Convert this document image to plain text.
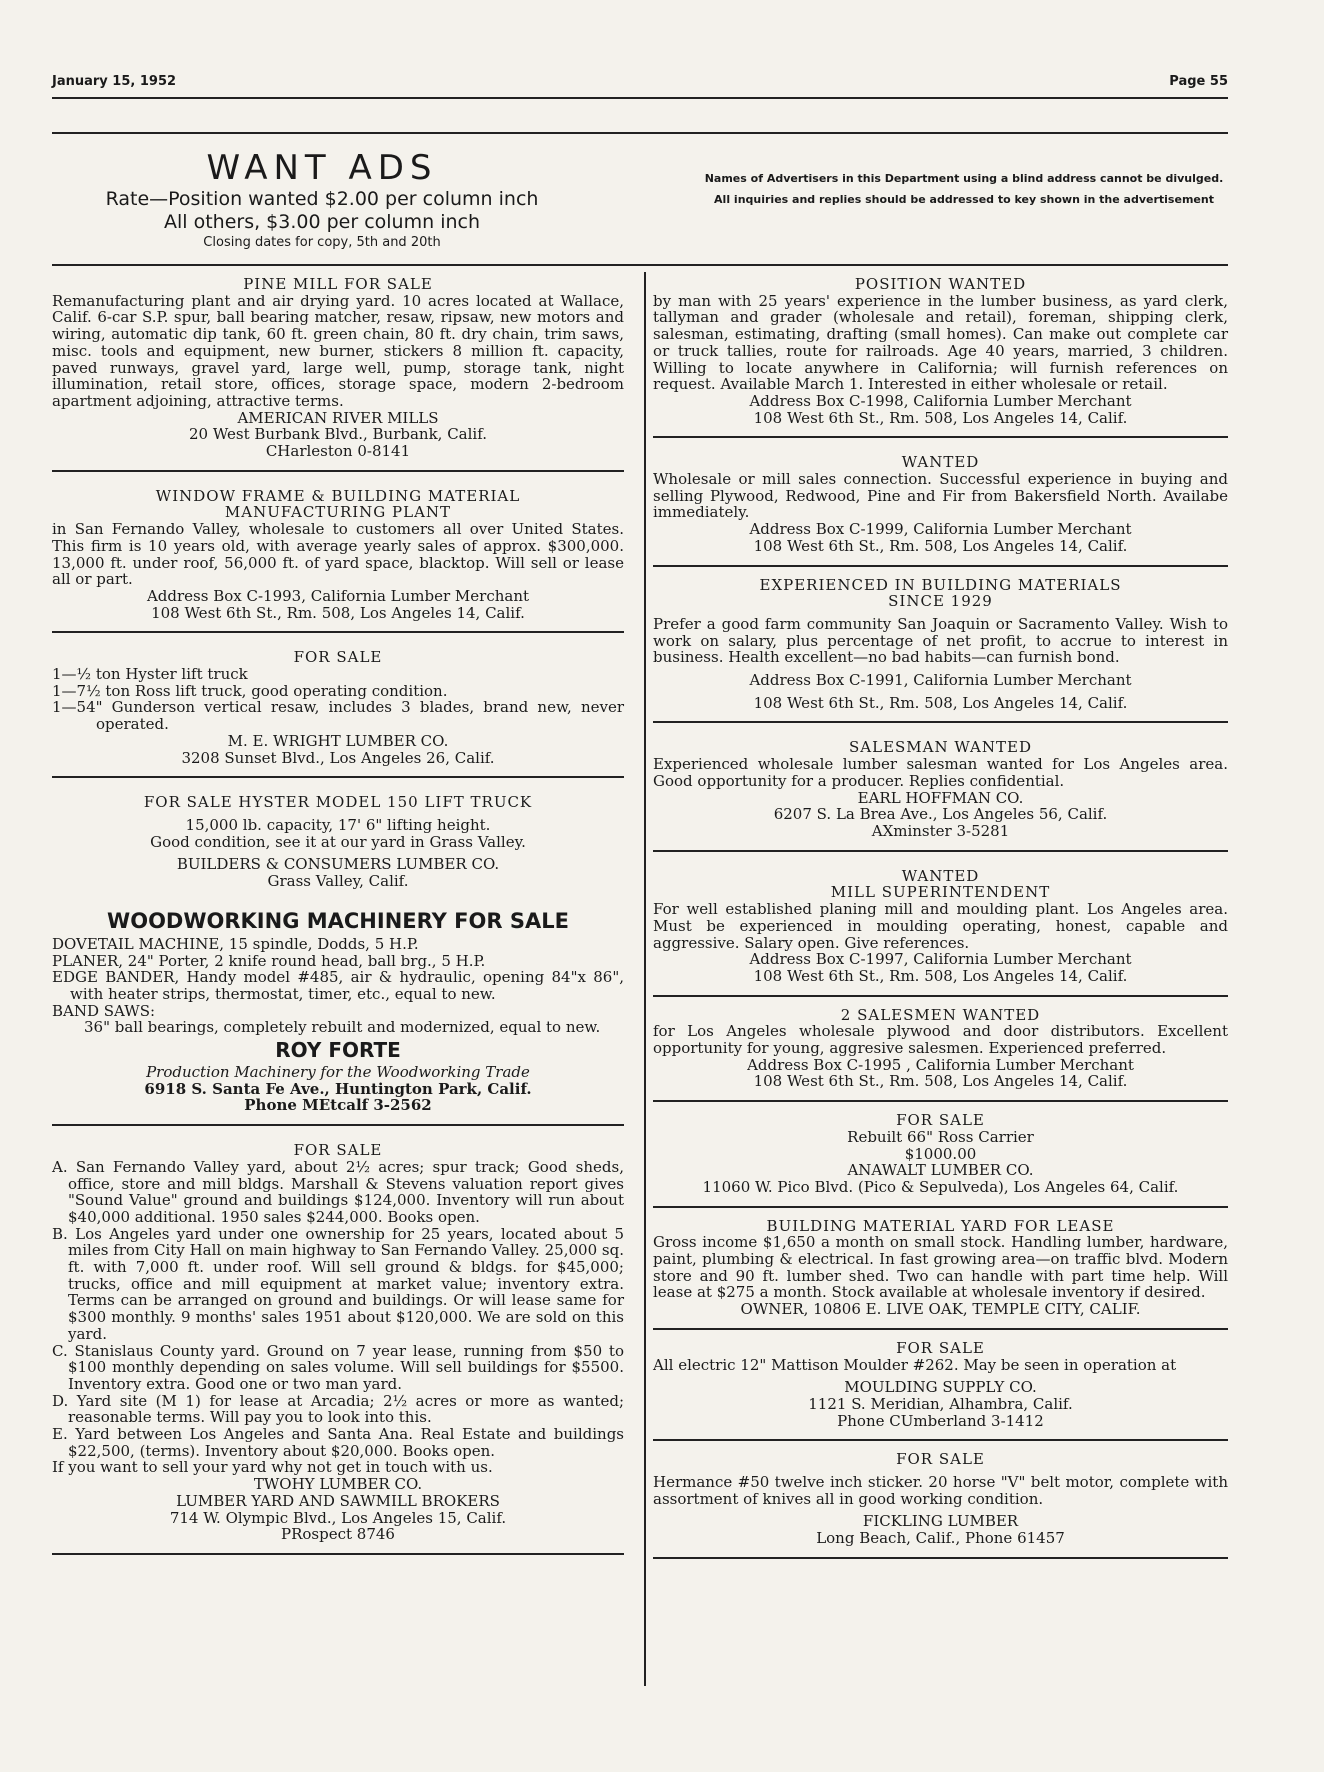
January 15, 1952	Page 55
WANT ADS
Rate—Position wanted $2.00 per column inch
All others, $3.00 per column inch
Closing dates for copy, 5th and 20th
Names of Advertisers in this Department using a blind address cannot be divulged. All inquiries and replies should be addressed to key shown in the advertisement
PINE MILL FOR SALE
Remanufacturing plant and air drying yard. 10 acres located at Wallace, Calif. 6-car S.P. spur, ball bearing matcher, resaw, ripsaw, new motors and wiring, automatic dip tank, 60 ft. green chain, 80 ft. dry chain, trim saws, misc. tools and equipment, new burner, stickers 8 million ft. capacity, paved runways, gravel yard, large well, pump, storage tank, night illumination, retail store, offices, storage space, modern 2-bedroom apartment adjoining, attractive terms.
AMERICAN RIVER MILLS
20 West Burbank Blvd., Burbank, Calif.
CHarleston 0-8141
WINDOW FRAME & BUILDING MATERIAL
MANUFACTURING PLANT
in San Fernando Valley, wholesale to customers all over United States. This firm is 10 years old, with average yearly sales of approx. $300,000. 13,000 ft. under roof, 56,000 ft. of yard space, blacktop. Will sell or lease all or part.
Address Box C-1993, California Lumber Merchant
108 West 6th St., Rm. 508, Los Angeles 14, Calif.
FOR SALE
1—½ ton Hyster lift truck
1—7½ ton Ross lift truck, good operating condition.
1—54" Gunderson vertical resaw, includes 3 blades, brand new, never operated.
M. E. WRIGHT LUMBER CO.
3208 Sunset Blvd., Los Angeles 26, Calif.
FOR SALE HYSTER MODEL 150 LIFT TRUCK
15,000 lb. capacity, 17' 6" lifting height.
Good condition, see it at our yard in Grass Valley.
BUILDERS & CONSUMERS LUMBER CO.
Grass Valley, Calif.
WOODWORKING MACHINERY FOR SALE
DOVETAIL MACHINE, 15 spindle, Dodds, 5 H.P.
PLANER, 24" Porter, 2 knife round head, ball brg., 5 H.P.
EDGE BANDER, Handy model #485, air & hydraulic, opening 84"x 86", with heater strips, thermostat, timer, etc., equal to new.
BAND SAWS:
36" ball bearings, completely rebuilt and modernized, equal to new.
ROY FORTE
Production Machinery for the Woodworking Trade
6918 S. Santa Fe Ave., Huntington Park, Calif.
Phone MEtcalf 3-2562
FOR SALE
A. San Fernando Valley yard, about 2½ acres; spur track; Good sheds, office, store and mill bldgs. Marshall & Stevens valuation report gives "Sound Value" ground and buildings $124,000. Inventory will run about $40,000 additional. 1950 sales $244,000. Books open.
B. Los Angeles yard under one ownership for 25 years, located about 5 miles from City Hall on main highway to San Fernando Valley. 25,000 sq. ft. with 7,000 ft. under roof. Will sell ground & bldgs. for $45,000; trucks, office and mill equipment at market value; inventory extra. Terms can be arranged on ground and buildings. Or will lease same for $300 monthly. 9 months' sales 1951 about $120,000. We are sold on this yard.
C. Stanislaus County yard. Ground on 7 year lease, running from $50 to $100 monthly depending on sales volume. Will sell buildings for $5500. Inventory extra. Good one or two man yard.
D. Yard site (M 1) for lease at Arcadia; 2½ acres or more as wanted; reasonable terms. Will pay you to look into this.
E. Yard between Los Angeles and Santa Ana. Real Estate and buildings $22,500, (terms). Inventory about $20,000. Books open.
If you want to sell your yard why not get in touch with us.
TWOHY LUMBER CO.
LUMBER YARD AND SAWMILL BROKERS
714 W. Olympic Blvd., Los Angeles 15, Calif.
PRospect 8746
POSITION WANTED
by man with 25 years' experience in the lumber business, as yard clerk, tallyman and grader (wholesale and retail), foreman, shipping clerk, salesman, estimating, drafting (small homes). Can make out complete car or truck tallies, route for railroads. Age 40 years, married, 3 children. Willing to locate anywhere in California; will furnish references on request. Available March 1. Interested in either wholesale or retail.
Address Box C-1998, California Lumber Merchant
108 West 6th St., Rm. 508, Los Angeles 14, Calif.
WANTED
Wholesale or mill sales connection. Successful experience in buying and selling Plywood, Redwood, Pine and Fir from Bakersfield North. Availabe immediately.
Address Box C-1999, California Lumber Merchant
108 West 6th St., Rm. 508, Los Angeles 14, Calif.
EXPERIENCED IN BUILDING MATERIALS
SINCE 1929
Prefer a good farm community San Joaquin or Sacramento Valley. Wish to work on salary, plus percentage of net profit, to accrue to interest in business. Health excellent—no bad habits—can furnish bond.
Address Box C-1991, California Lumber Merchant
108 West 6th St., Rm. 508, Los Angeles 14, Calif.
SALESMAN WANTED
Experienced wholesale lumber salesman wanted for Los Angeles area. Good opportunity for a producer. Replies confidential.
EARL HOFFMAN CO.
6207 S. La Brea Ave., Los Angeles 56, Calif.
AXminster 3-5281
WANTED
MILL SUPERINTENDENT
For well established planing mill and moulding plant. Los Angeles area. Must be experienced in moulding operating, honest, capable and aggressive. Salary open. Give references.
Address Box C-1997, California Lumber Merchant
108 West 6th St., Rm. 508, Los Angeles 14, Calif.
2 SALESMEN WANTED
for Los Angeles wholesale plywood and door distributors. Excellent opportunity for young, aggresive salesmen. Experienced preferred.
Address Box C-1995 , California Lumber Merchant
108 West 6th St., Rm. 508, Los Angeles 14, Calif.
FOR SALE
Rebuilt 66" Ross Carrier
$1000.00
ANAWALT LUMBER CO.
11060 W. Pico Blvd. (Pico & Sepulveda), Los Angeles 64, Calif.
BUILDING MATERIAL YARD FOR LEASE
Gross income $1,650 a month on small stock. Handling lumber, hardware, paint, plumbing & electrical. In fast growing area—on traffic blvd. Modern store and 90 ft. lumber shed. Two can handle with part time help. Will lease at $275 a month. Stock available at wholesale inventory if desired.
OWNER, 10806 E. LIVE OAK, TEMPLE CITY, CALIF.
FOR SALE
All electric 12" Mattison Moulder #262. May be seen in operation at
MOULDING SUPPLY CO.
1121 S. Meridian, Alhambra, Calif.
Phone CUmberland 3-1412
FOR SALE
Hermance #50 twelve inch sticker. 20 horse "V" belt motor, complete with assortment of knives all in good working condition.
FICKLING LUMBER
Long Beach, Calif., Phone 61457
